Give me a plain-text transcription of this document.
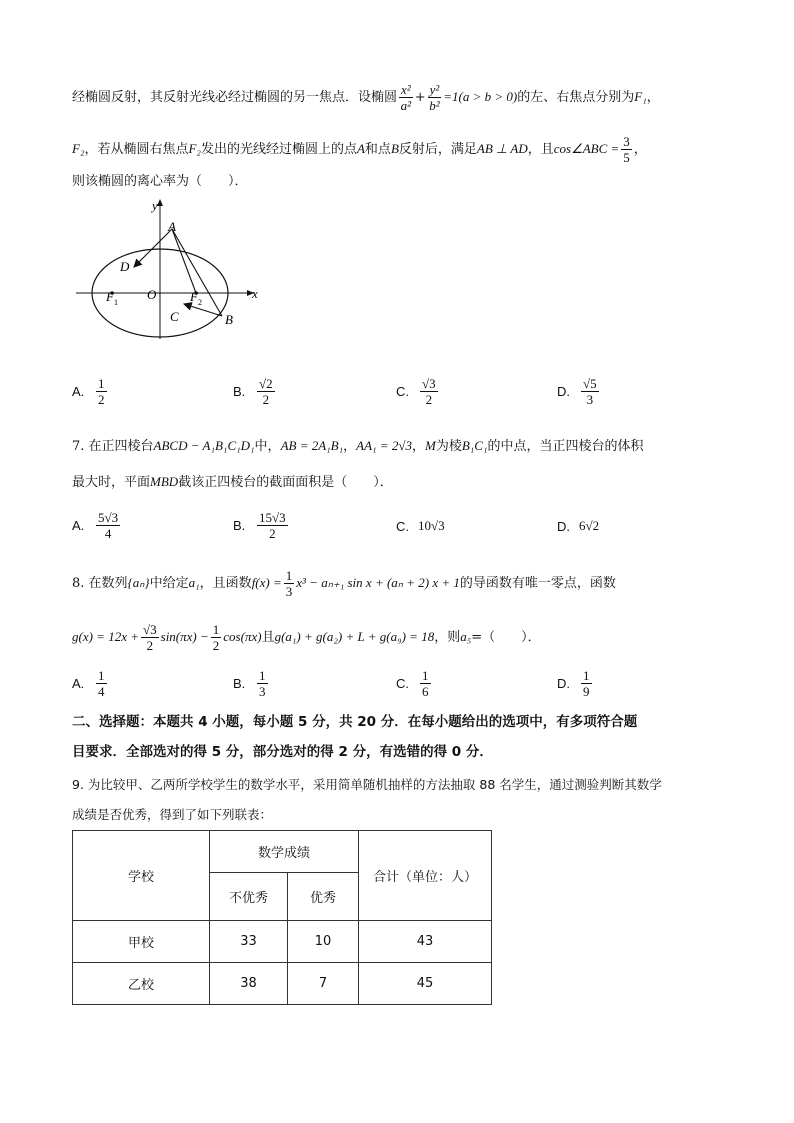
经椭圆反射，其反射光线必经过椭圆的另一焦点．设椭圆 $\frac{\text{x²}}{\text{a²}} + \frac{\text{y²}}{\text{b²}} =1(a > b > 0)$的左、右焦点分别为F₁，
F₂，若从椭圆右焦点F₂发出的光线经过椭圆上的点A和点B反射后，满足AB ⊥ AD，且cos∠ABC = $\frac{3}{5}$ ，
则该椭圆的离心率为（　　）．
y
x
A
B
C
D
O
F 1	F 2
A. $\frac{1}{2}$	B. $\frac{√2}{2}$	C. $\frac{√3}{2}$	D. $\frac{√5}{3}$
7. 在正四棱台ABCD − A₁B₁C₁D₁中，AB = 2A₁B₁，AA₁ = 2√3，M为棱B₁C₁的中点，当正四棱台的体积
最大时，平面MBD截该正四棱台的截面面积是（　　）．
A. $\frac{5√3}{4}$	B. $\frac{15√3}{2}$	C. 10√3	D. 6√2
8. 在数列{aₙ}中给定a₁，且函数$f(x) = \frac{1}{3} x^3 - a_{n+1}$ sin x + (aₙ + 2) x + 1的导函数有唯一零点，函数
$g(x) = 12x + \frac{√3}{2} \sin(\pi x) - \frac{1}{2} \cos(\pi x)$且g(a₁) + g(a₂) + L + g(a₉) = 18，则a₅=（　　）．
A. $\frac{1}{4}$	B. $\frac{1}{3}$	C. $\frac{1}{6}$	D. $\frac{1}{9}$
二、选择题：本题共 4 小题，每小题 5 分，共 20 分．在每小题给出的选项中，有多项符合题
目要求．全部选对的得 5 分，部分选对的得 2 分，有选错的得 0 分．
9. 为比较甲、乙两所学校学生的数学水平，采用简单随机抽样的方法抽取 88 名学生，通过测验判断其数学
成绩是否优秀，得到了如下列联表：
学校	数学成绩		合计（单位：人）
	不优秀	优秀	
甲校	33	10	43
乙校	38	7	45
